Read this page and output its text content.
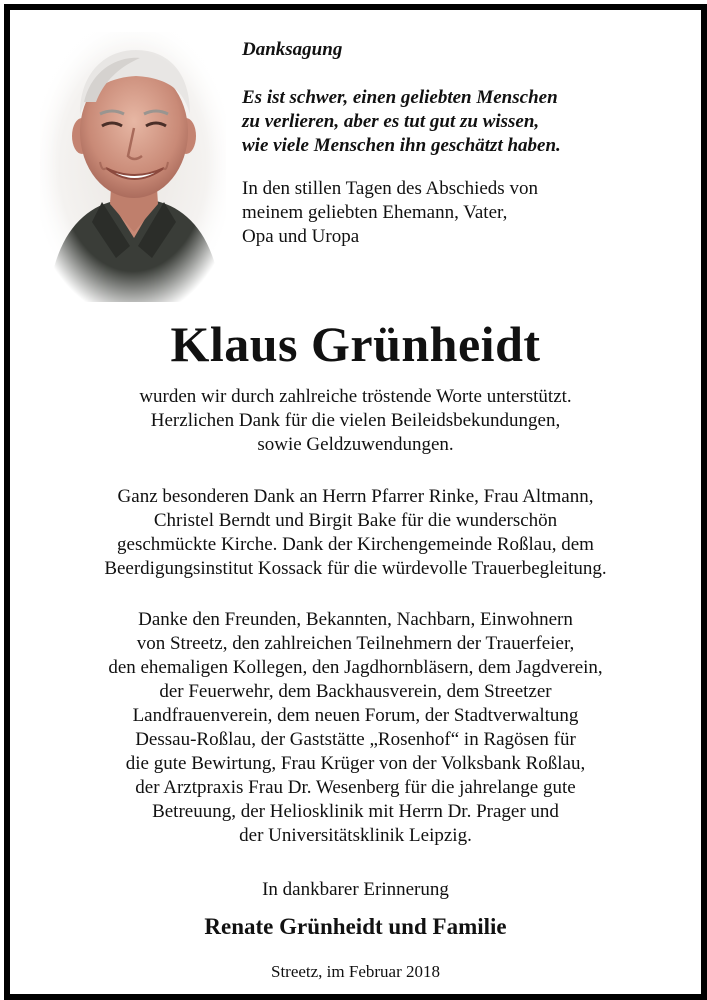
Danksagung

Es ist schwer, einen geliebten Menschen
zu verlieren, aber es tut gut zu wissen,
wie viele Menschen ihn geschätzt haben.

In den stillen Tagen des Abschieds von
meinem geliebten Ehemann, Vater,
Opa und Uropa

Klaus Grünheidt
wurden wir durch zahlreiche tröstende Worte unterstützt.
Herzlichen Dank für die vielen Beileidsbekundungen,
sowie Geldzuwendungen.
Ganz besonderen Dank an Herrn Pfarrer Rinke, Frau Altmann,
Christel Berndt und Birgit Bake für die wunderschön
geschmückte Kirche. Dank der Kirchengemeinde Roßlau, dem
Beerdigungsinstitut Kossack für die würdevolle Trauerbegleitung.
Danke den Freunden, Bekannten, Nachbarn, Einwohnern
von Streetz, den zahlreichen Teilnehmern der Trauerfeier,
den ehemaligen Kollegen, den Jagdhornbläsern, dem Jagdverein,
der Feuerwehr, dem Backhausverein, dem Streetzer
Landfrauenverein, dem neuen Forum, der Stadtverwaltung
Dessau-Roßlau, der Gaststätte „Rosenhof“ in Ragösen für
die gute Bewirtung, Frau Krüger von der Volksbank Roßlau,
der Arztpraxis Frau Dr. Wesenberg für die jahrelange gute
Betreuung, der Heliosklinik mit Herrn Dr. Prager und
der Universitätsklinik Leipzig.
In dankbarer Erinnerung
Renate Grünheidt und Familie
Streetz, im Februar 2018
